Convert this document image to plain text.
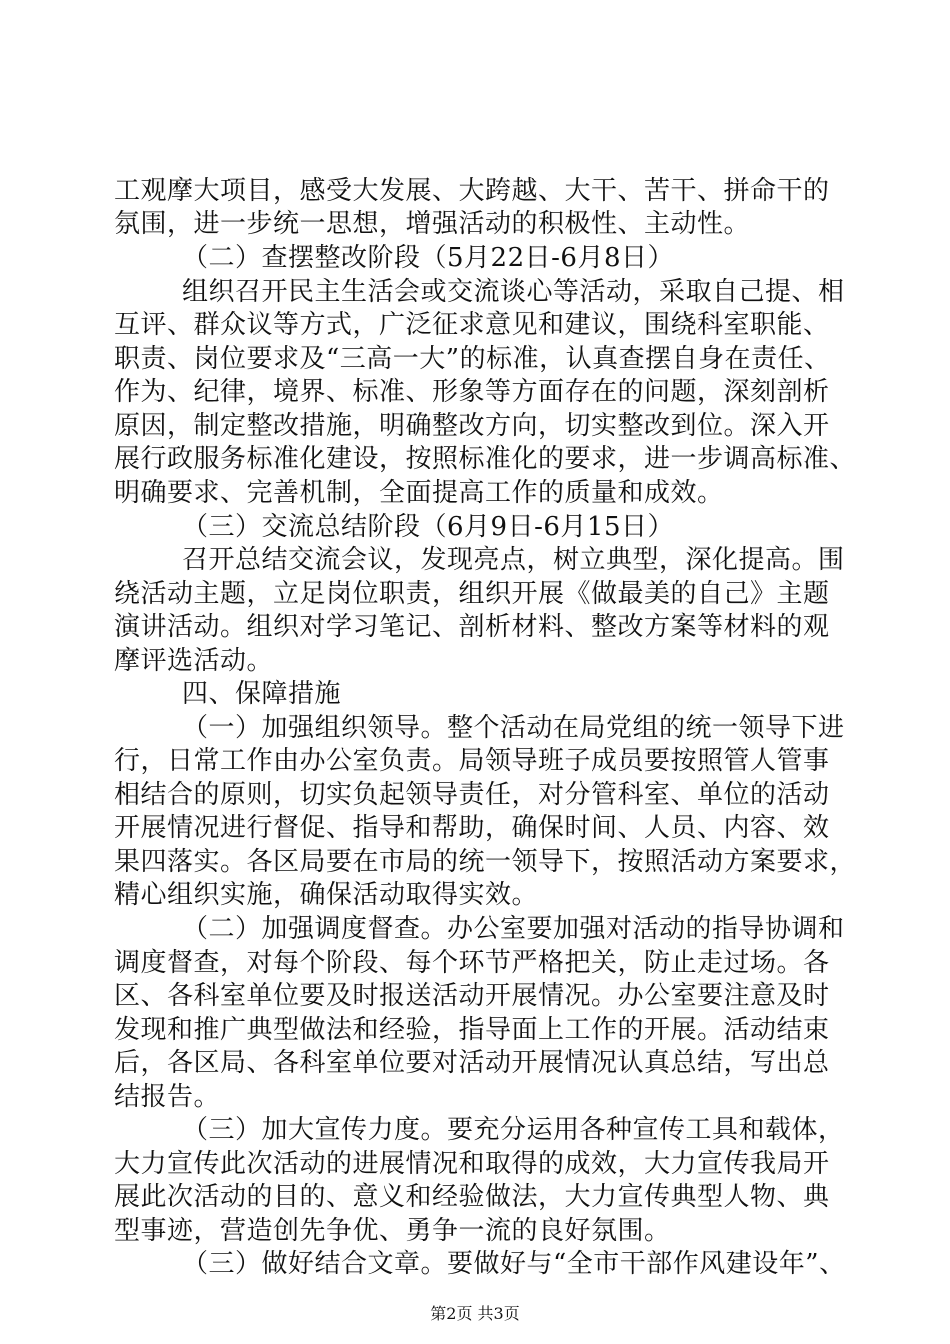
工观摩大项目，感受大发展、大跨越、大干、苦干、拼命干的
氛围，进一步统一思想，增强活动的积极性、主动性。
（二）查摆整改阶段（5月22日-6月8日）
组织召开民主生活会或交流谈心等活动，采取自己提、相
互评、群众议等方式，广泛征求意见和建议，围绕科室职能、
职责、岗位要求及“三高一大”的标准，认真查摆自身在责任、
作为、纪律，境界、标准、形象等方面存在的问题，深刻剖析
原因，制定整改措施，明确整改方向，切实整改到位。深入开
展行政服务标准化建设，按照标准化的要求，进一步调高标准、
明确要求、完善机制，全面提高工作的质量和成效。
（三）交流总结阶段（6月9日-6月15日）
召开总结交流会议，发现亮点，树立典型，深化提高。围
绕活动主题，立足岗位职责，组织开展《做最美的自己》主题
演讲活动。组织对学习笔记、剖析材料、整改方案等材料的观
摩评选活动。
四、保障措施
（一）加强组织领导。整个活动在局党组的统一领导下进
行，日常工作由办公室负责。局领导班子成员要按照管人管事
相结合的原则，切实负起领导责任，对分管科室、单位的活动
开展情况进行督促、指导和帮助，确保时间、人员、内容、效
果四落实。各区局要在市局的统一领导下，按照活动方案要求，
精心组织实施，确保活动取得实效。
（二）加强调度督查。办公室要加强对活动的指导协调和
调度督查，对每个阶段、每个环节严格把关，防止走过场。各
区、各科室单位要及时报送活动开展情况。办公室要注意及时
发现和推广典型做法和经验，指导面上工作的开展。活动结束
后，各区局、各科室单位要对活动开展情况认真总结，写出总
结报告。
（三）加大宣传力度。要充分运用各种宣传工具和载体，
大力宣传此次活动的进展情况和取得的成效，大力宣传我局开
展此次活动的目的、意义和经验做法，大力宣传典型人物、典
型事迹，营造创先争优、勇争一流的良好氛围。
（三）做好结合文章。要做好与“全市干部作风建设年”、
第2页 共3页
